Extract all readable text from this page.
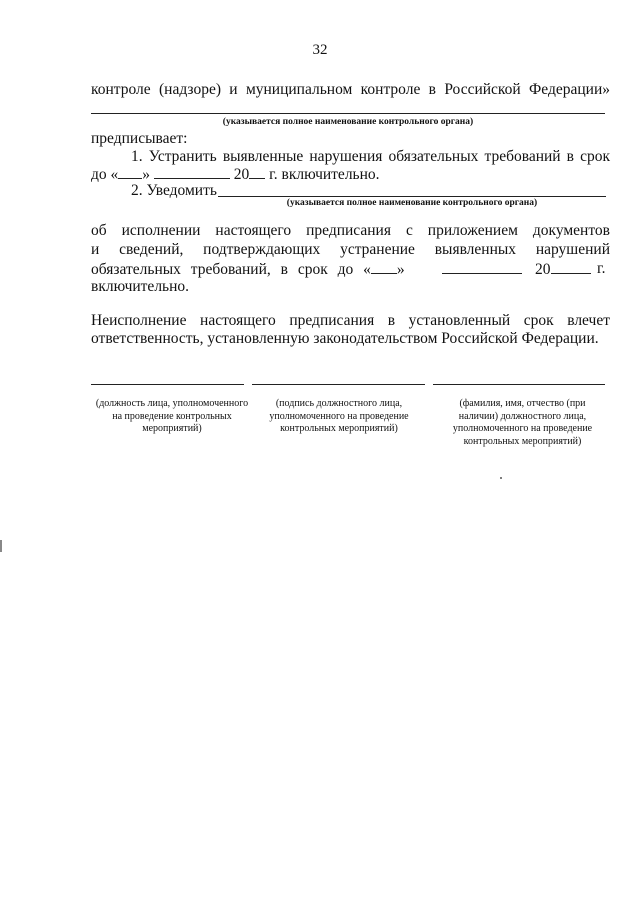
32
контроле (надзоре) и муниципальном контроле в Российской Федерации»
(указывается полное наименование контрольного органа)
предписывает:
1. Устранить выявленные нарушения обязательных требований в срок
до « »	20 г. включительно.
2. Уведомить
(указывается полное наименование контрольного органа)
об исполнении настоящего предписания с приложением документов
и сведений, подтверждающих устранение выявленных нарушений
обязательных требований, в срок до « »	20	г.
включительно.
Неисполнение настоящего предписания в установленный срок влечет
ответственность, установленную законодательством Российской Федерации.
(должность лица, уполномоченного на проведение контрольных мероприятий)
(подпись должностного лица, уполномоченного на проведение контрольных мероприятий)
(фамилия, имя, отчество (при наличии) должностного лица, уполномоченного на проведение контрольных мероприятий)
